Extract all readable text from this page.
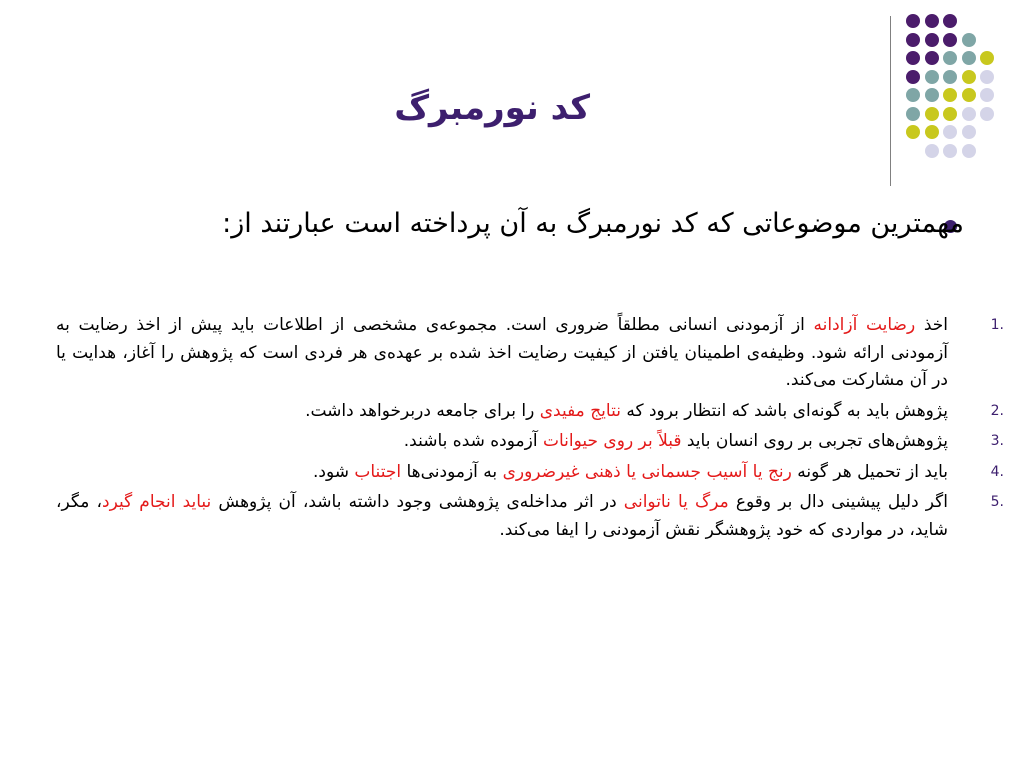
کد نورمبرگ
مهمترین موضوعاتی که کد نورمبرگ به آن پرداخته است عبارتند از:
1.
اخذ رضایت آزادانه از آزمودنی انسانی مطلقاً ضروری است. مجموعه‌ی مشخصی از اطلاعات باید پیش از اخذ رضایت به آزمودنی ارائه شود. وظیفه‌ی اطمینان یافتن از کیفیت رضایت اخذ شده بر عهده‌ی هر فردی است که پژوهش را آغاز، هدایت یا در آن مشارکت می‌کند.
2.
پژوهش باید به گونه‌ای باشد که انتظار برود که نتایج مفیدی را برای جامعه دربرخواهد داشت.
3.
پژوهش‌های تجربی بر روی انسان باید قبلاً بر روی حیوانات آزموده شده باشند.
4.
باید از تحمیل هر گونه رنج یا آسیب جسمانی یا ذهنی غیرضروری به آزمودنی‌ها اجتناب شود.
5.
اگر دلیل پیشینی دال بر وقوع مرگ یا ناتوانی در اثر مداخله‌ی پژوهشی وجود داشته باشد، آن پژوهش نباید انجام گیرد، مگر، شاید، در مواردی که خود پژوهشگر نقش آزمودنی را ایفا می‌کند.
